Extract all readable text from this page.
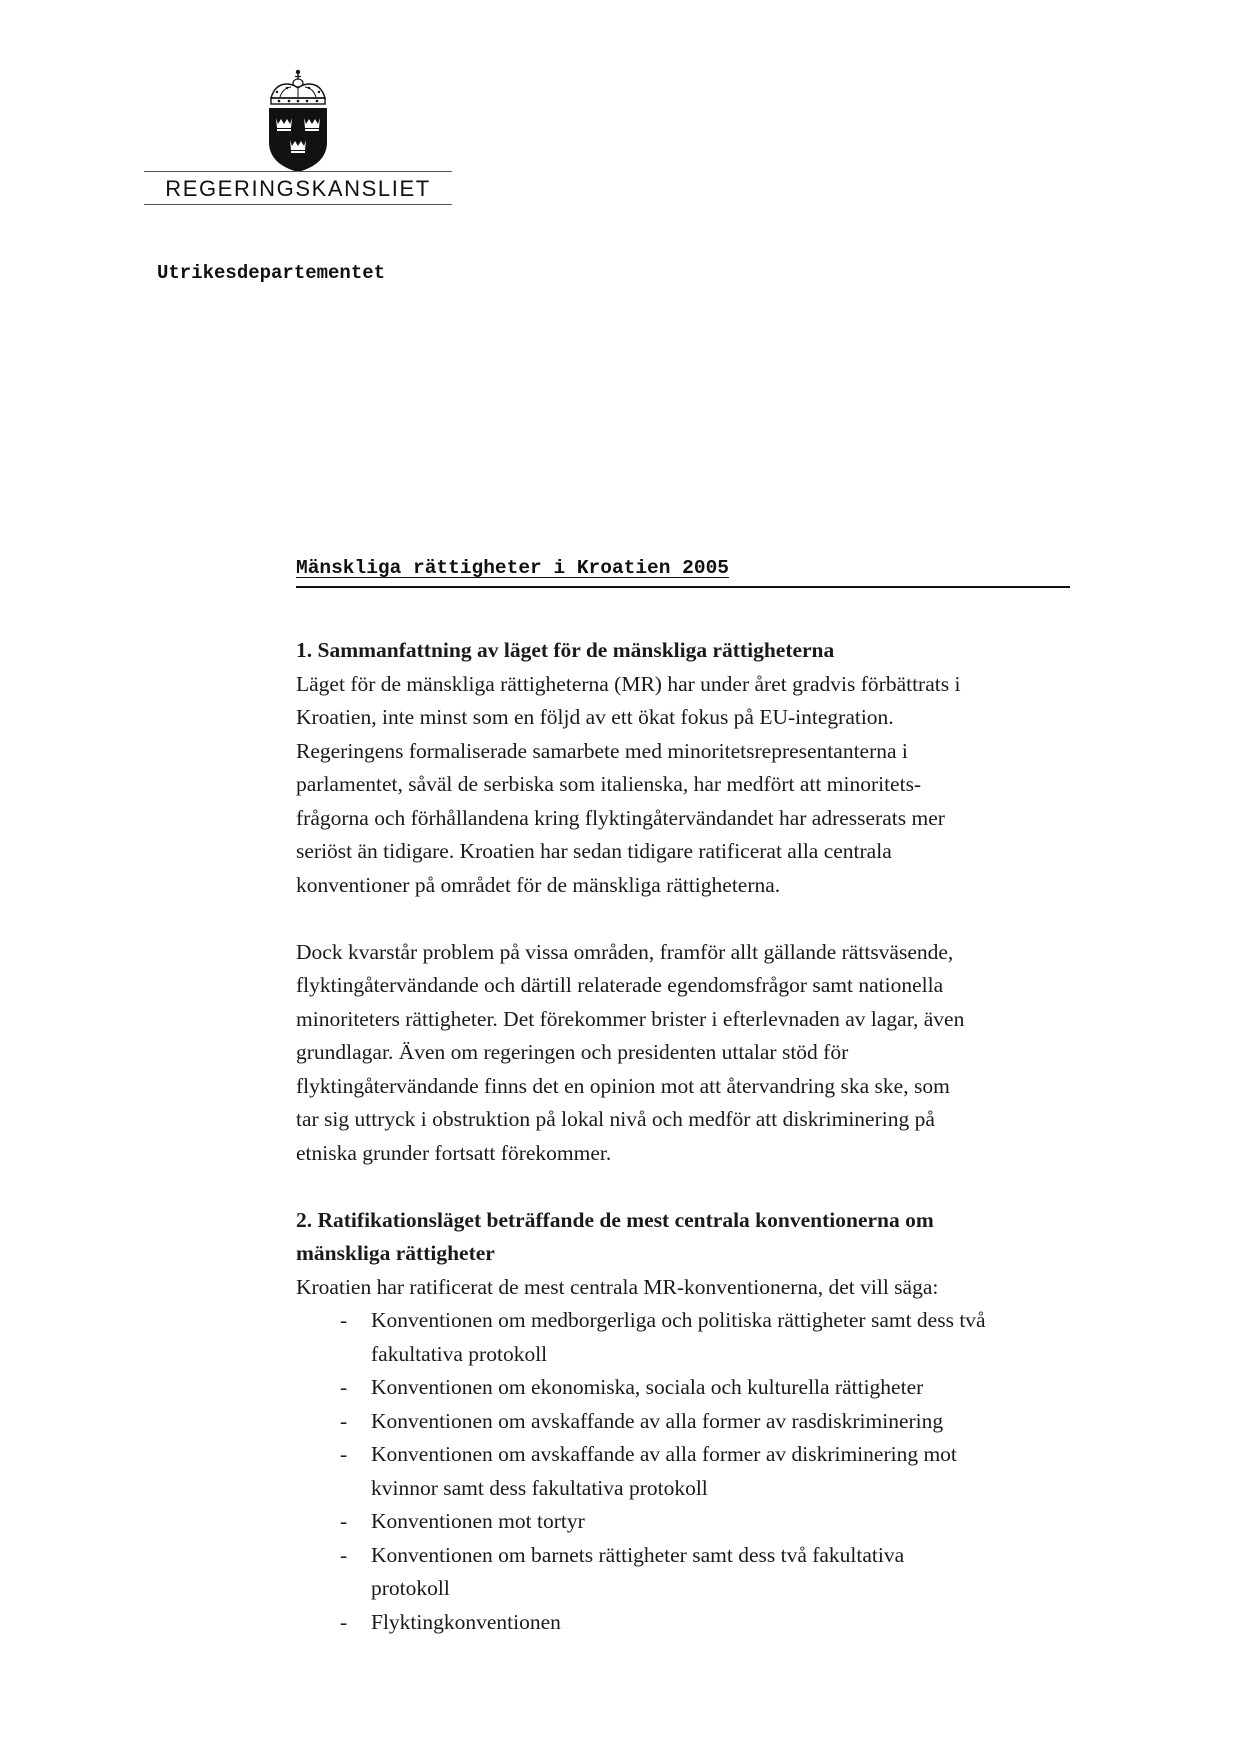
REGERINGSKANSLIET
Utrikesdepartementet
Mänskliga rättigheter i Kroatien 2005

1. Sammanfattning av läget för de mänskliga rättigheterna

Läget för de mänskliga rättigheterna (MR) har under året gradvis förbättrats i
Kroatien, inte minst som en följd av ett ökat fokus på EU-integration.
Regeringens formaliserade samarbete med minoritetsrepresentanterna i
parlamentet, såväl de serbiska som italienska, har medfört att minoritets-
frågorna och förhållandena kring flyktingåtervändandet har adresserats mer
seriöst än tidigare. Kroatien har sedan tidigare ratificerat alla centrala
konventioner på området för de mänskliga rättigheterna.
Dock kvarstår problem på vissa områden, framför allt gällande rättsväsende,
flyktingåtervändande och därtill relaterade egendomsfrågor samt nationella
minoriteters rättigheter. Det förekommer brister i efterlevnaden av lagar, även
grundlagar. Även om regeringen och presidenten uttalar stöd för
flyktingåtervändande finns det en opinion mot att återvandring ska ske, som
tar sig uttryck i obstruktion på lokal nivå och medför att diskriminering på
etniska grunder fortsatt förekommer.

2. Ratifikationsläget beträffande de mest centrala konventionerna om
mänskliga rättigheter

Kroatien har ratificerat de mest centrala MR-konventionerna, det vill säga:
- Konventionen om medborgerliga och politiska rättigheter samt dess två
fakultativa protokoll
- Konventionen om ekonomiska, sociala och kulturella rättigheter
- Konventionen om avskaffande av alla former av rasdiskriminering
- Konventionen om avskaffande av alla former av diskriminering mot
kvinnor samt dess fakultativa protokoll
- Konventionen mot tortyr
- Konventionen om barnets rättigheter samt dess två fakultativa
protokoll
- Flyktingkonventionen
